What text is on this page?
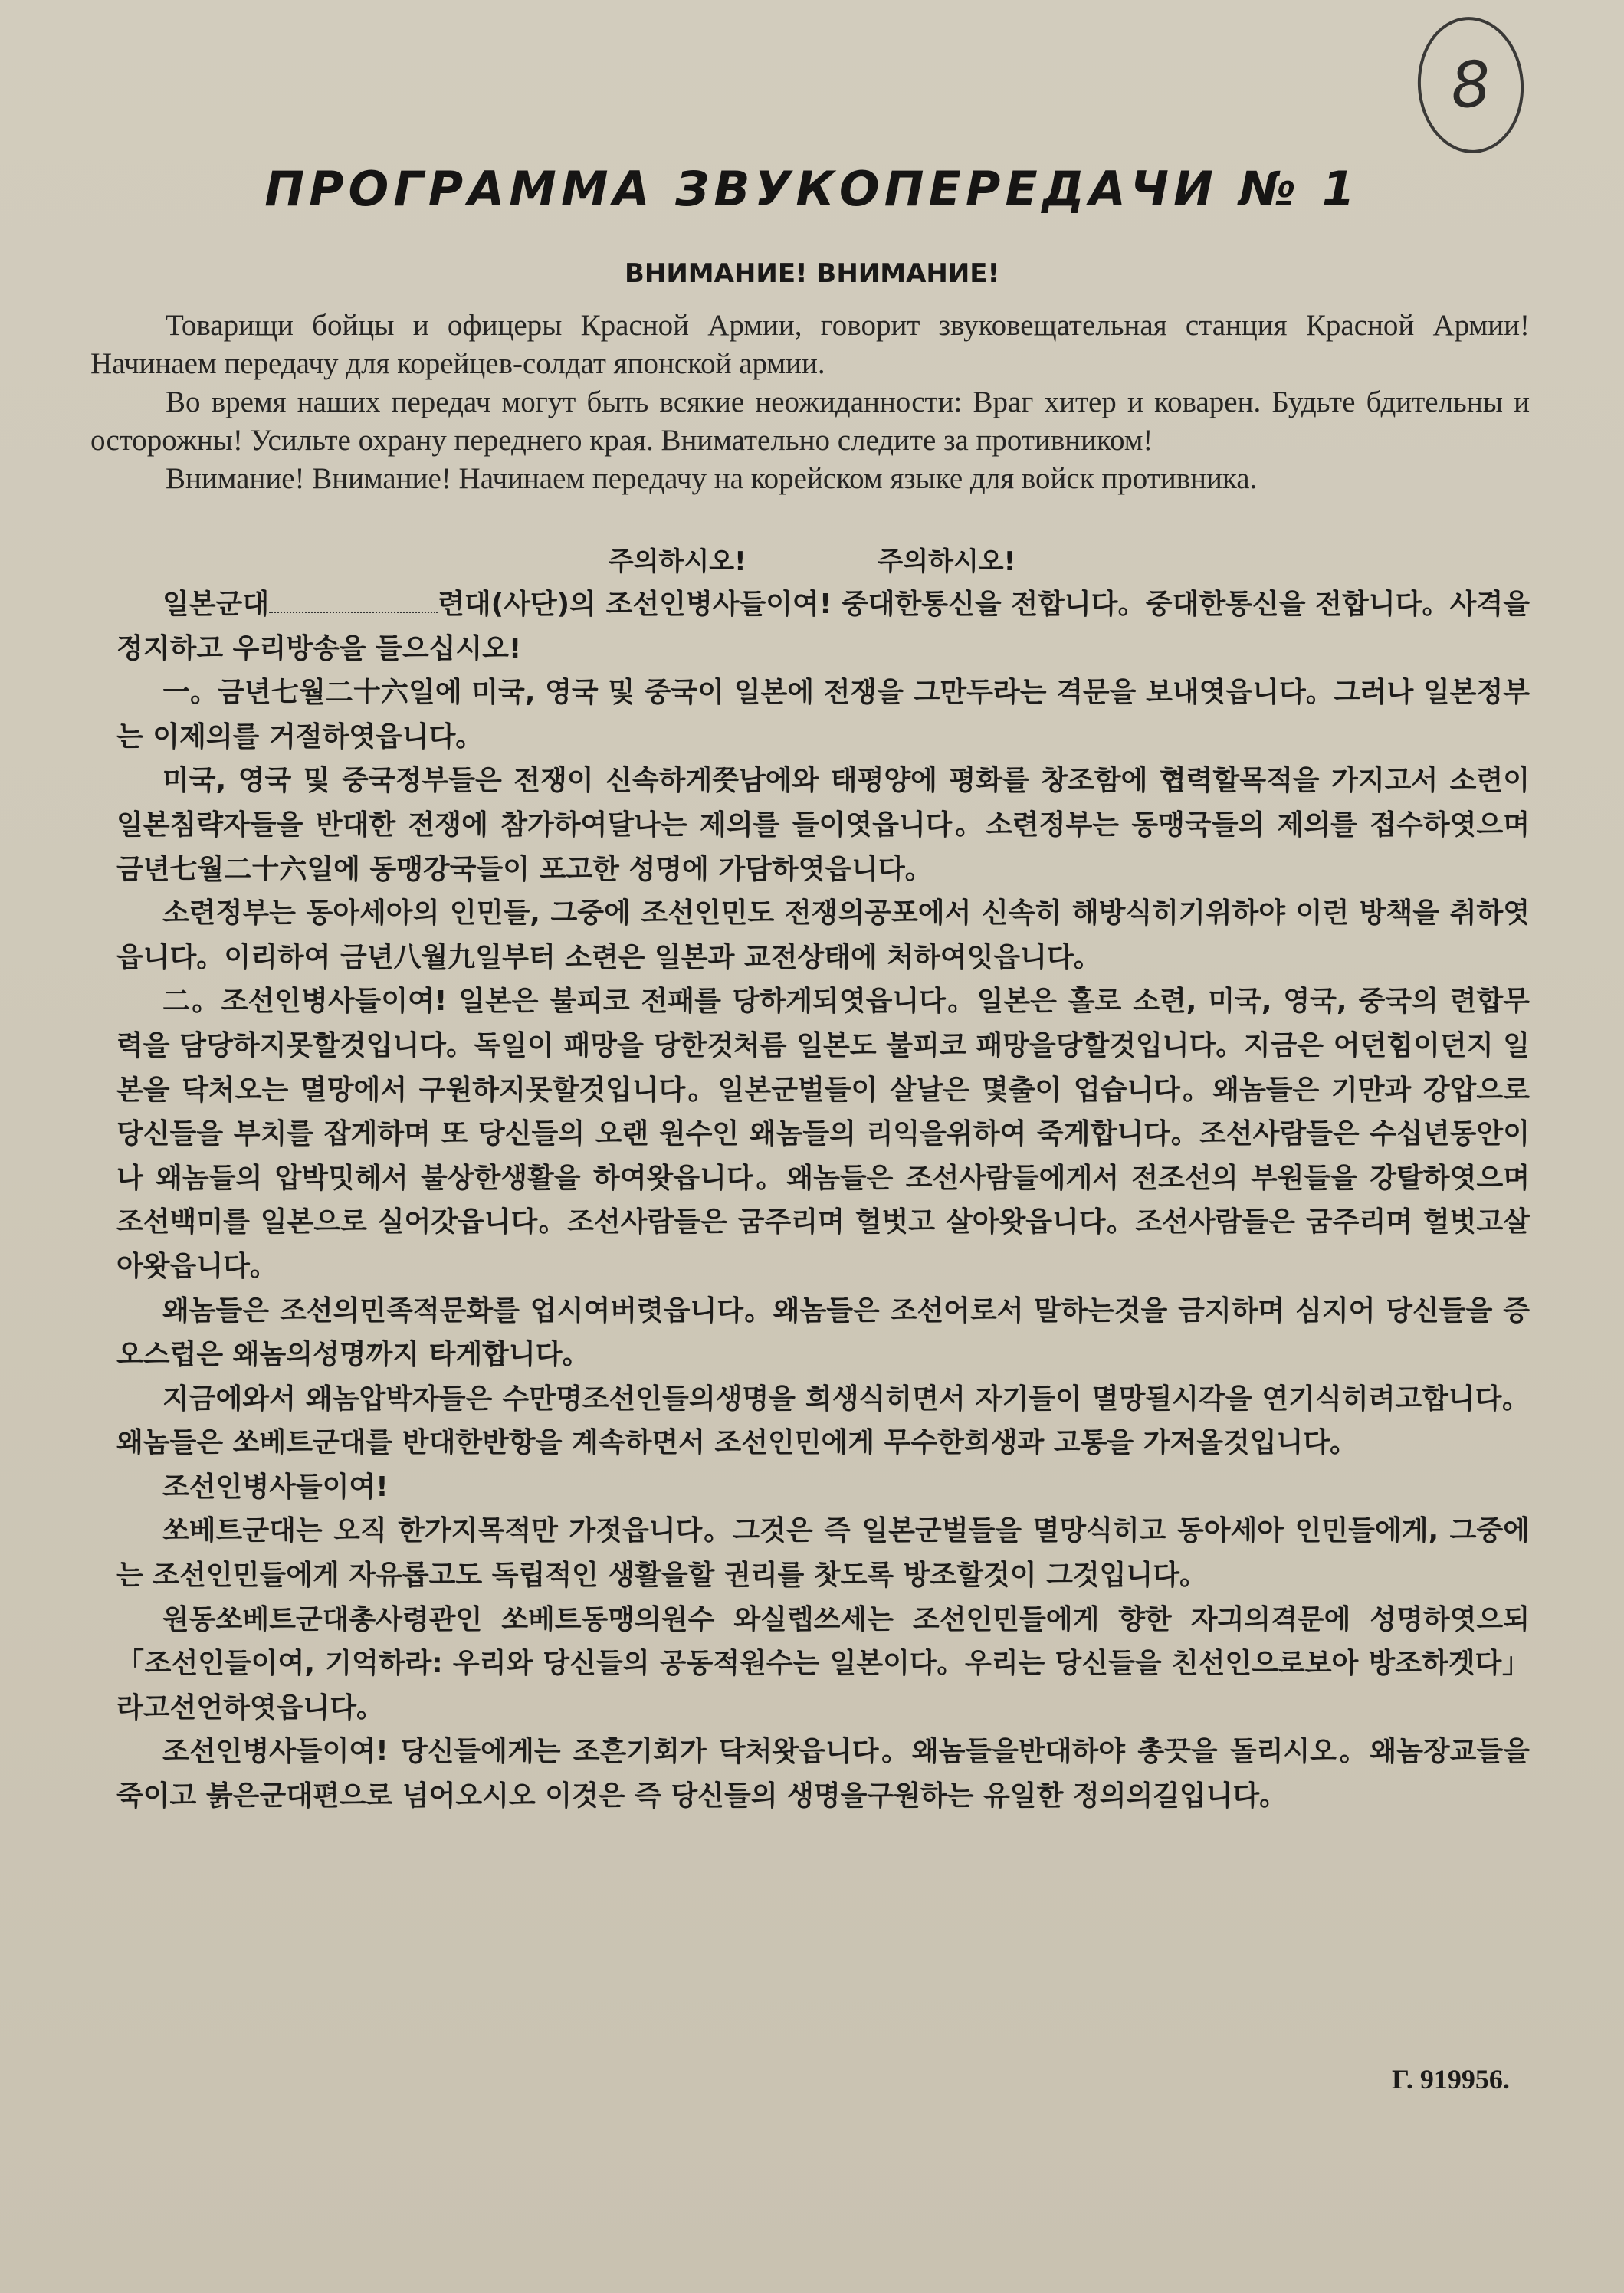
8
ПРОГРАММА ЗВУКОПЕРЕДАЧИ № 1
ВНИМАНИЕ! ВНИМАНИЕ!

Товарищи бойцы и офицеры Красной Армии, говорит звуковещательная станция Красной Армии! Начинаем передачу для корейцев-солдат японской армии.

Во время наших передач могут быть всякие неожиданности: Враг хитер и коварен. Будьте бдительны и осторожны! Усильте охрану переднего края. Внимательно следите за противником!

Внимание! Внимание! Начинаем передачу на корейском языке для войск противника.

주의하시오! 주의하시오!

일본군대	련대(사단)의 조선인병사들이여! 중대한통신을 전합니다。중대한통신을 전합니다。사격을정지하고 우리방송을 들으십시오!

一。금년七월二十六일에 미국, 영국 및 중국이 일본에 전쟁을 그만두라는 격문을 보내엿읍니다。그러나 일본정부는 이제의를 거절하엿읍니다。

미국, 영국 및 중국정부들은 전쟁이 신속하게쯧남에와 태평양에 평화를 창조함에 협력할목적을 가지고서 소련이 일본침략자들을 반대한 전쟁에 참가하여달나는 제의를 들이엿읍니다。소련정부는 동맹국들의 제의를 접수하엿으며 금년七월二十六일에 동맹강국들이 포고한 성명에 가담하엿읍니다。

소련정부는 동아세아의 인민들, 그중에 조선인민도 전쟁의공포에서 신속히 해방식히기위하야 이런 방책을 취하엿읍니다。이리하여 금년八월九일부터 소련은 일본과 교전상태에 처하여잇읍니다。

二。조선인병사들이여! 일본은 불피코 전패를 당하게되엿읍니다。일본은 홀로 소련, 미국, 영국, 중국의 련합무력을 담당하지못할것입니다。독일이 패망을 당한것처름 일본도 불피코 패망을당할것입니다。지금은 어던힘이던지 일본을 닥처오는 멸망에서 구원하지못할것입니다。일본군벌들이 살날은 몇출이 업습니다。왜놈들은 기만과 강압으로 당신들을 부치를 잡게하며 또 당신들의 오랜 원수인 왜놈들의 리익을위하여 죽게합니다。조선사람들은 수십년동안이나 왜놈들의 압박밋헤서 불상한생활을 하여왓읍니다。왜놈들은 조선사람들에게서 전조선의 부원들을 강탈하엿으며 조선백미를 일본으로 실어갓읍니다。조선사람들은 굼주리며 헐벗고 살아왓읍니다。조선사람들은 굼주리며 헐벗고살아왓읍니다。

왜놈들은 조선의민족적문화를 업시여버렷읍니다。왜놈들은 조선어로서 말하는것을 금지하며 심지어 당신들을 증오스럽은 왜놈의성명까지 타게합니다。

지금에와서 왜놈압박자들은 수만명조선인들의생명을 희생식히면서 자기들이 멸망될시각을 연기식히려고합니다。왜놈들은 쏘베트군대를 반대한반항을 계속하면서 조선인민에게 무수한희생과 고통을 가저올것입니다。

조선인병사들이여!

쏘베트군대는 오직 한가지목적만 가젓읍니다。그것은 즉 일본군벌들을 멸망식히고 동아세아 인민들에게, 그중에는 조선인민들에게 자유롭고도 독립적인 생활을할 권리를 찻도록 방조할것이 그것입니다。

원동쏘베트군대총사령관인 쏘베트동맹의원수 와실렙쓰세는 조선인민들에게 향한 자긔의격문에 성명하엿으되 「조선인들이여, 기억하라: 우리와 당신들의 공동적원수는 일본이다。우리는 당신들을 친선인으로보아 방조하겟다」라고선언하엿읍니다。

조선인병사들이여! 당신들에게는 조흔기회가 닥처왓읍니다。왜놈들을반대하야 총끗을 돌리시오。왜놈장교들을 죽이고 붉은군대편으로 넘어오시오 이것은 즉 당신들의 생명을구원하는 유일한 정의의길입니다。

Г. 919956.
